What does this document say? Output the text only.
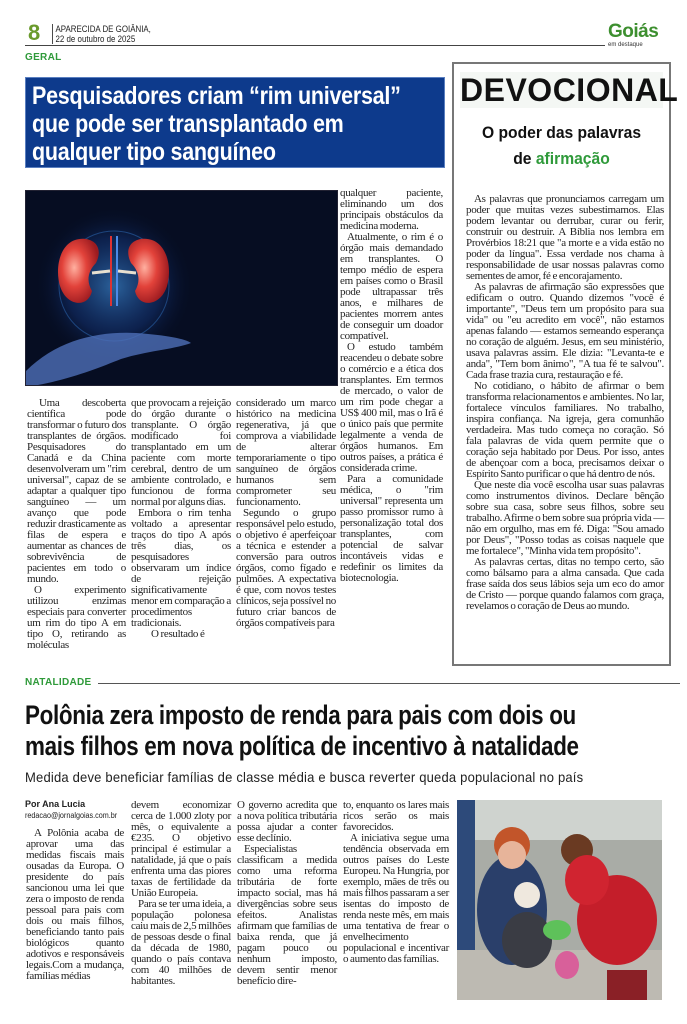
8 APARECIDA DE GOIÂNIA,
22 de outubro de 2025	Goiás
em destaque
GERAL
Pesquisadores criam “rim universal”
que pode ser transplantado em
qualquer tipo sanguíneo

Uma descoberta científica pode transformar o futuro dos transplantes de órgãos. Pesquisadores do Canadá e da China desenvolveram um "rim universal", capaz de se adaptar a qualquer tipo sanguíneo — um avanço que pode reduzir drasticamente as filas de espera e aumentar as chances de sobrevivência de pacientes em todo o mundo.

O experimento utilizou enzimas especiais para converter um rim do tipo A em tipo O, retirando as moléculas

que provocam a rejeição do órgão durante o transplante. O órgão modificado foi transplantado em um paciente com morte cerebral, dentro de um ambiente controlado, e funcionou de forma normal por alguns dias.

Embora o rim tenha voltado a apresentar traços do tipo A após três dias, os pesquisadores observaram um índice de rejeição significativamente menor em comparação a procedimentos tradicionais.

O resultado é

considerado um marco histórico na medicina regenerativa, já que comprova a viabilidade de alterar temporariamente o tipo sanguíneo de órgãos humanos sem comprometer seu funcionamento.

Segundo o grupo responsável pelo estudo, o objetivo é aperfeiçoar a técnica e estender a conversão para outros órgãos, como fígado e pulmões. A expectativa é que, com novos testes clínicos, seja possível no futuro criar bancos de órgãos compatíveis para

qualquer paciente, eliminando um dos principais obstáculos da medicina moderna.

Atualmente, o rim é o órgão mais demandado em transplantes. O tempo médio de espera em países como o Brasil pode ultrapassar três anos, e milhares de pacientes morrem antes de conseguir um doador compatível.

O estudo também reacendeu o debate sobre o comércio e a ética dos transplantes. Em termos de mercado, o valor de um rim pode chegar a US$ 400 mil, mas o Irã é o único país que permite legalmente a venda de órgãos humanos. Em outros países, a prática é considerada crime.

Para a comunidade médica, o "rim universal" representa um passo promissor rumo à personalização total dos transplantes, com potencial de salvar incontáveis vidas e redefinir os limites da biotecnologia.

DEVOCIONAL
O poder das palavras
de afirmação

As palavras que pronunciamos carregam um poder que muitas vezes subestimamos. Elas podem levantar ou derrubar, curar ou ferir, construir ou destruir. A Bíblia nos lembra em Provérbios 18:21 que "a morte e a vida estão no poder da língua". Essa verdade nos chama à responsabilidade de usar nossas palavras como sementes de amor, fé e encorajamento.

As palavras de afirmação são expressões que edificam o outro. Quando dizemos "você é importante", "Deus tem um propósito para sua vida" ou "eu acredito em você", não estamos apenas falando — estamos semeando esperança no coração de alguém. Jesus, em seu ministério, usava palavras assim. Ele dizia: "Levanta-te e anda", "Tem bom ânimo", "A tua fé te salvou". Cada frase trazia cura, restauração e fé.

No cotidiano, o hábito de afirmar o bem transforma relacionamentos e ambientes. No lar, fortalece vínculos familiares. No trabalho, inspira confiança. Na igreja, gera comunhão verdadeira. Mas tudo começa no coração. Só fala palavras de vida quem permite que o coração seja habitado por Deus. Por isso, antes de abençoar com a boca, precisamos deixar o Espírito Santo purificar o que há dentro de nós.

Que neste dia você escolha usar suas palavras como instrumentos divinos. Declare bênção sobre sua casa, sobre seus filhos, sobre seu trabalho. Afirme o bem sobre sua própria vida — não em orgulho, mas em fé. Diga: "Sou amado por Deus", "Posso todas as coisas naquele que me fortalece", "Minha vida tem propósito".

As palavras certas, ditas no tempo certo, são como bálsamo para a alma cansada. Que cada frase saída dos seus lábios seja um eco do amor de Cristo — porque quando falamos com graça, revelamos o coração de Deus ao mundo.

NATALIDADE
Polônia zera imposto de renda para pais com dois ou
mais filhos em nova política de incentivo à natalidade
Medida deve beneficiar famílias de classe média e busca reverter queda populacional no país
Por Ana Lucia
redacao@jornalgoias.com.br

A Polônia acaba de aprovar uma das medidas fiscais mais ousadas da Europa. O presidente do país sancionou uma lei que zera o imposto de renda pessoal para pais com dois ou mais filhos, beneficiando tanto pais biológicos quanto adotivos e responsáveis legais.Com a mudança, famílias médias

devem economizar cerca de 1.000 zloty por mês, o equivalente a €235. O objetivo principal é estimular a natalidade, já que o país enfrenta uma das piores taxas de fertilidade da União Europeia.

Para se ter uma ideia, a população polonesa caiu mais de 2,5 milhões de pessoas desde o final da década de 1980, quando o país contava com 40 milhões de habitantes.

O governo acredita que a nova política tributária possa ajudar a conter esse declínio.

Especialistas classificam a medida como uma reforma tributária de forte impacto social, mas há divergências sobre seus efeitos. Analistas afirmam que famílias de baixa renda, que já pagam pouco ou nenhum imposto, devem sentir menor benefício dire-

to, enquanto os lares mais ricos serão os mais favorecidos.

A iniciativa segue uma tendência observada em outros países do Leste Europeu. Na Hungria, por exemplo, mães de três ou mais filhos passaram a ser isentas do imposto de renda neste mês, em mais uma tentativa de frear o envelhecimento populacional e incentivar o aumento das famílias.
